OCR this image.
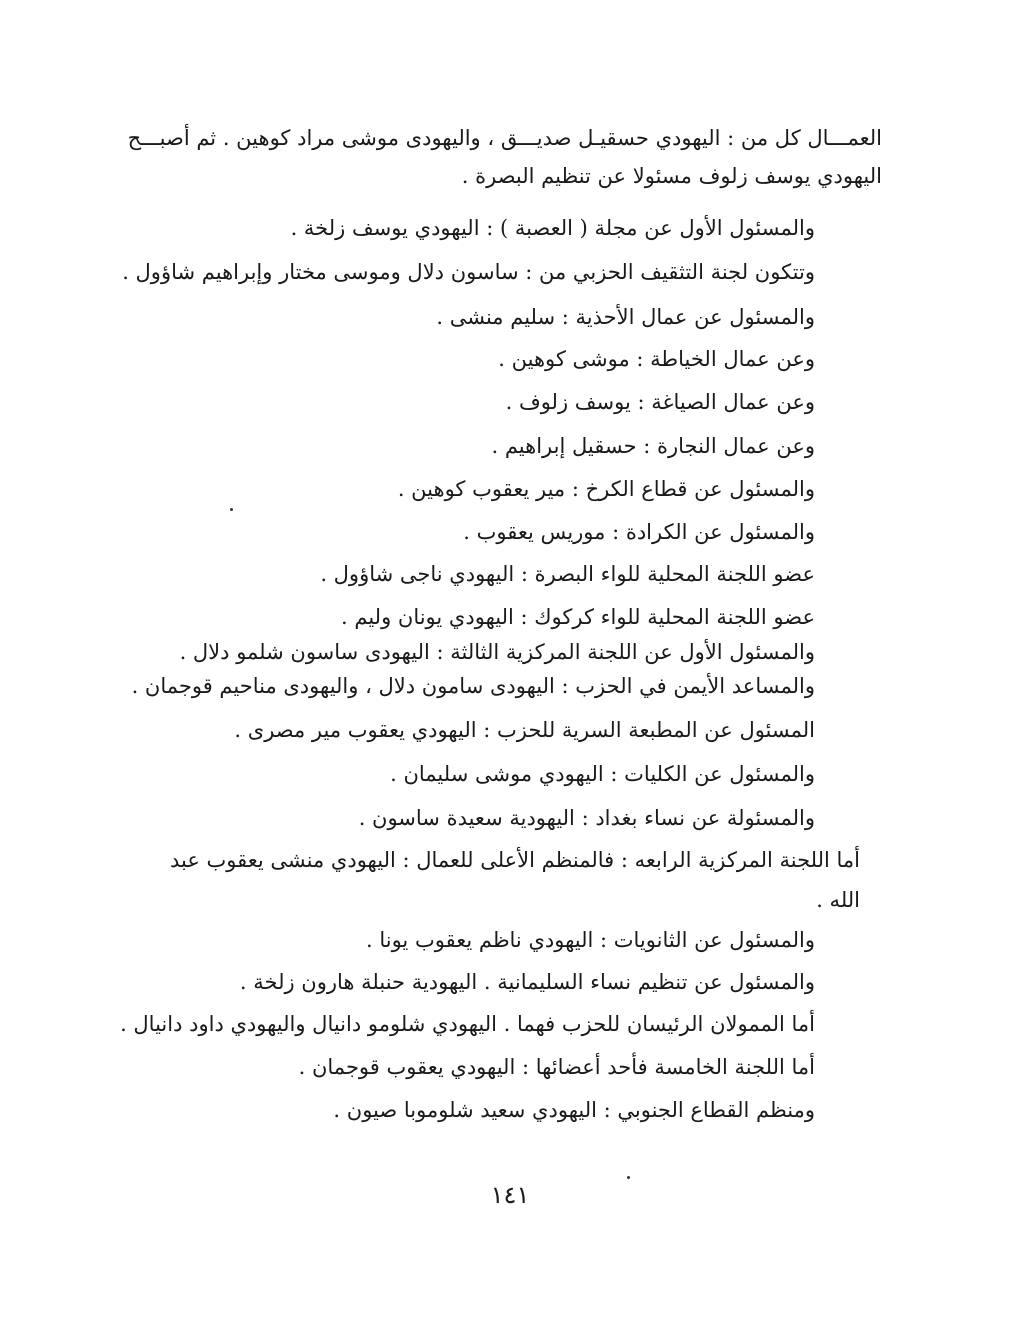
العمـــال كل من : اليهودي حسقيـل صديـــق ، واليهودى موشى مراد كوهين . ثم أصبـــح
اليهودي يوسف زلوف مسئولا عن تنظيم البصرة .
والمسئول الأول عن مجلة ( العصبة ) : اليهودي يوسف زلخة .
وتتكون لجنة التثقيف الحزبي من : ساسون دلال وموسى مختار وإبراهيم شاؤول .
والمسئول عن عمال الأحذية : سليم منشى .
وعن عمال الخياطة : موشى كوهين .
وعن عمال الصياغة : يوسف زلوف .
وعن عمال النجارة : حسقيل إبراهيم .
والمسئول عن قطاع الكرخ : مير يعقوب كوهين .
والمسئول عن الكرادة : موريس يعقوب .
عضو اللجنة المحلية للواء البصرة : اليهودي ناجى شاؤول .
عضو اللجنة المحلية للواء كركوك : اليهودي يونان وليم .
والمسئول الأول عن اللجنة المركزية الثالثة : اليهودى ساسون شلمو دلال .
والمساعد الأيمن في الحزب : اليهودى سامون دلال ، واليهودى مناحيم قوجمان .
المسئول عن المطبعة السرية للحزب : اليهودي يعقوب مير مصرى .
والمسئول عن الكليات : اليهودي موشى سليمان .
والمسئولة عن نساء بغداد : اليهودية سعيدة ساسون .
أما اللجنة المركزية الرابعه : فالمنظم الأعلى للعمال : اليهودي منشى يعقوب عبد
الله .
والمسئول عن الثانويات : اليهودي ناظم يعقوب يونا .
والمسئول عن تنظيم نساء السليمانية . اليهودية حنبلة هارون زلخة .
أما الممولان الرئيسان للحزب فهما . اليهودي شلومو دانيال واليهودي داود دانيال .
أما اللجنة الخامسة فأحد أعضائها : اليهودي يعقوب قوجمان .
ومنظم القطاع الجنوبي : اليهودي سعيد شلوموبا صيون .
١٤١
